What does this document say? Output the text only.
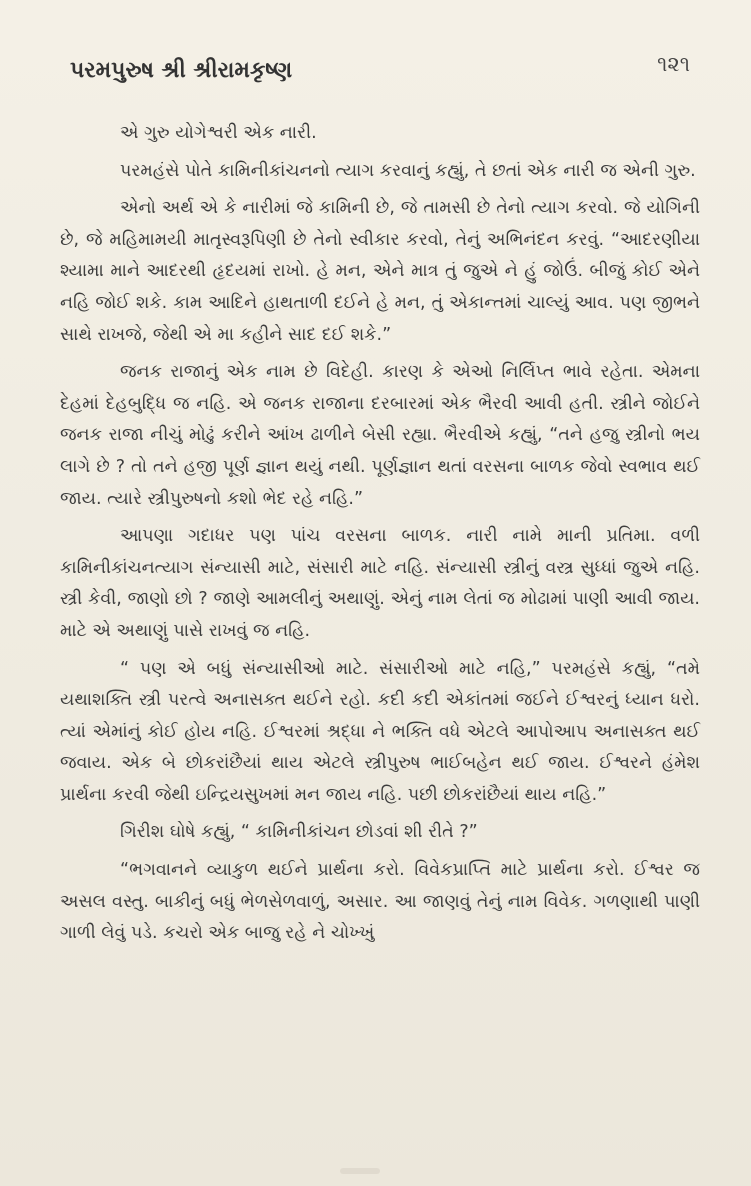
પરમપુરુષ શ્રી શ્રીરામકૃષ્ણ	૧૨૧

એ ગુરુ યોગેશ્વરી એક નારી.

પરમહંસે પોતે કામિનીકાંચનનો ત્યાગ કરવાનું કહ્યું, તે છતાં એક નારી જ એની ગુરુ.

એનો અર્થ એ કે નારીમાં જે કામિની છે, જે તામસી છે તેનો ત્યાગ કરવો. જે યોગિની છે, જે મહિમામયી માતૃસ્વરૂપિણી છે તેનો સ્વીકાર કરવો, તેનું અભિનંદન કરવું. “આદરણીયા શ્યામા માને આદરથી હૃદયમાં રાખો. હે મન, એને માત્ર તું જુએ ને હું જોઉં. બીજું કોઈ એને નહિ જોઈ શકે. કામ આદિને હાથતાળી દઈને હે મન, તું એકાન્તમાં ચાલ્યું આવ. પણ જીભને સાથે રાખજે, જેથી એ મા કહીને સાદ દઈ શકે.”

જનક રાજાનું એક નામ છે વિદેહી. કારણ કે એઓ નિર્લિપ્ત ભાવે રહેતા. એમના દેહમાં દેહબુદ્ધિ જ નહિ. એ જનક રાજાના દરબારમાં એક ભૈરવી આવી હતી. સ્ત્રીને જોઈને જનક રાજા નીચું મોઢું કરીને આંખ ઢાળીને બેસી રહ્યા. ભૈરવીએ કહ્યું, “તને હજુ સ્ત્રીનો ભય લાગે છે ? તો તને હજી પૂર્ણ જ્ઞાન થયું નથી. પૂર્ણજ્ઞાન થતાં વરસના બાળક જેવો સ્વભાવ થઈ જાય. ત્યારે સ્ત્રીપુરુષનો કશો ભેદ રહે નહિ.”

આપણા ગદાધર પણ પાંચ વરસના બાળક. નારી નામે માની પ્રતિમા. વળી કામિનીકાંચનત્યાગ સંન્યાસી માટે, સંસારી માટે નહિ. સંન્યાસી સ્ત્રીનું વસ્ત્ર સુધ્ધાં જુએ નહિ. સ્ત્રી કેવી, જાણો છો ? જાણે આમલીનું અથાણું. એનું નામ લેતાં જ મોઢામાં પાણી આવી જાય. માટે એ અથાણું પાસે રાખવું જ નહિ.

“ પણ એ બધું સંન્યાસીઓ માટે. સંસારીઓ માટે નહિ,” પરમહંસે કહ્યું, “તમે યથાશક્તિ સ્ત્રી પરત્વે અનાસક્ત થઈને રહો. કદી કદી એકાંતમાં જઈને ઈશ્વરનું ધ્યાન ધરો. ત્યાં એમાંનું કોઈ હોય નહિ. ઈશ્વરમાં શ્રદ્ધા ને ભક્તિ વધે એટલે આપોઆપ અનાસક્ત થઈ જવાય. એક બે છોકરાંછૈયાં થાય એટલે સ્ત્રીપુરુષ ભાઈબહેન થઈ જાય. ઈશ્વરને હંમેશ પ્રાર્થના કરવી જેથી ઇન્દ્રિયસુખમાં મન જાય નહિ. પછી છોકરાંછૈયાં થાય નહિ.”

ગિરીશ ઘોષે કહ્યું, “ કામિનીકાંચન છોડવાં શી રીતે ?”

“ભગવાનને વ્યાકુળ થઈને પ્રાર્થના કરો. વિવેકપ્રાપ્તિ માટે પ્રાર્થના કરો. ઈશ્વર જ અસલ વસ્તુ. બાકીનું બધું ભેળસેળવાળું, અસાર. આ જાણવું તેનું નામ વિવેક. ગળણાથી પાણી ગાળી લેવું પડે. કચરો એક બાજુ રહે ને ચોખ્ખું
